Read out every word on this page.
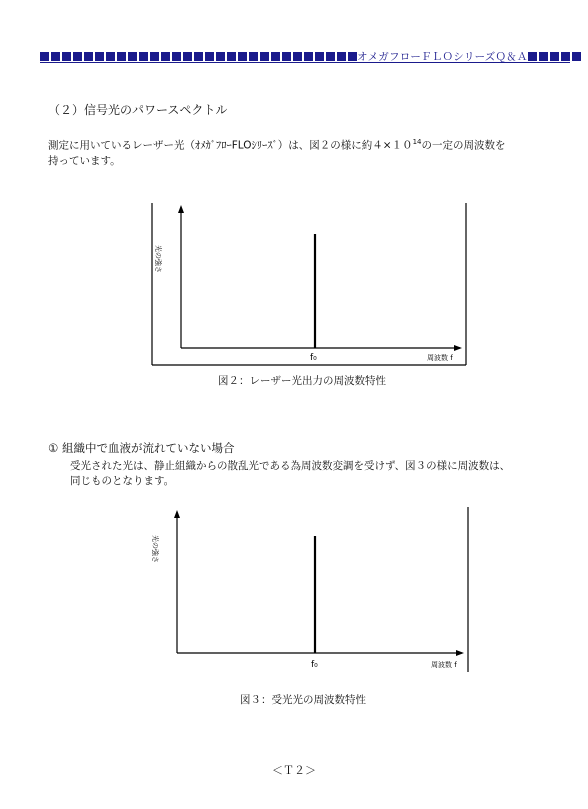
オメガフローＦＬＯシリーズＱ＆Ａ
（２）信号光のパワースペクトル
測定に用いているレーザー光（ｵﾒｶﾞﾌﾛｰFLOｼﾘｰｽﾞ）は、図２の様に約$4\times 10^{14}$の一定の周波数を
持っています。
光の強さ
f₀	周波数 f
図２：レーザー光出力の周波数特性
① 組織中で血液が流れていない場合
受光された光は、静止組織からの散乱光である為周波数変調を受けず、図３の様に周波数は、
同じものとなります。
光の強さ
f₀	周波数 f
図３：受光光の周波数特性
＜Ｔ２＞
